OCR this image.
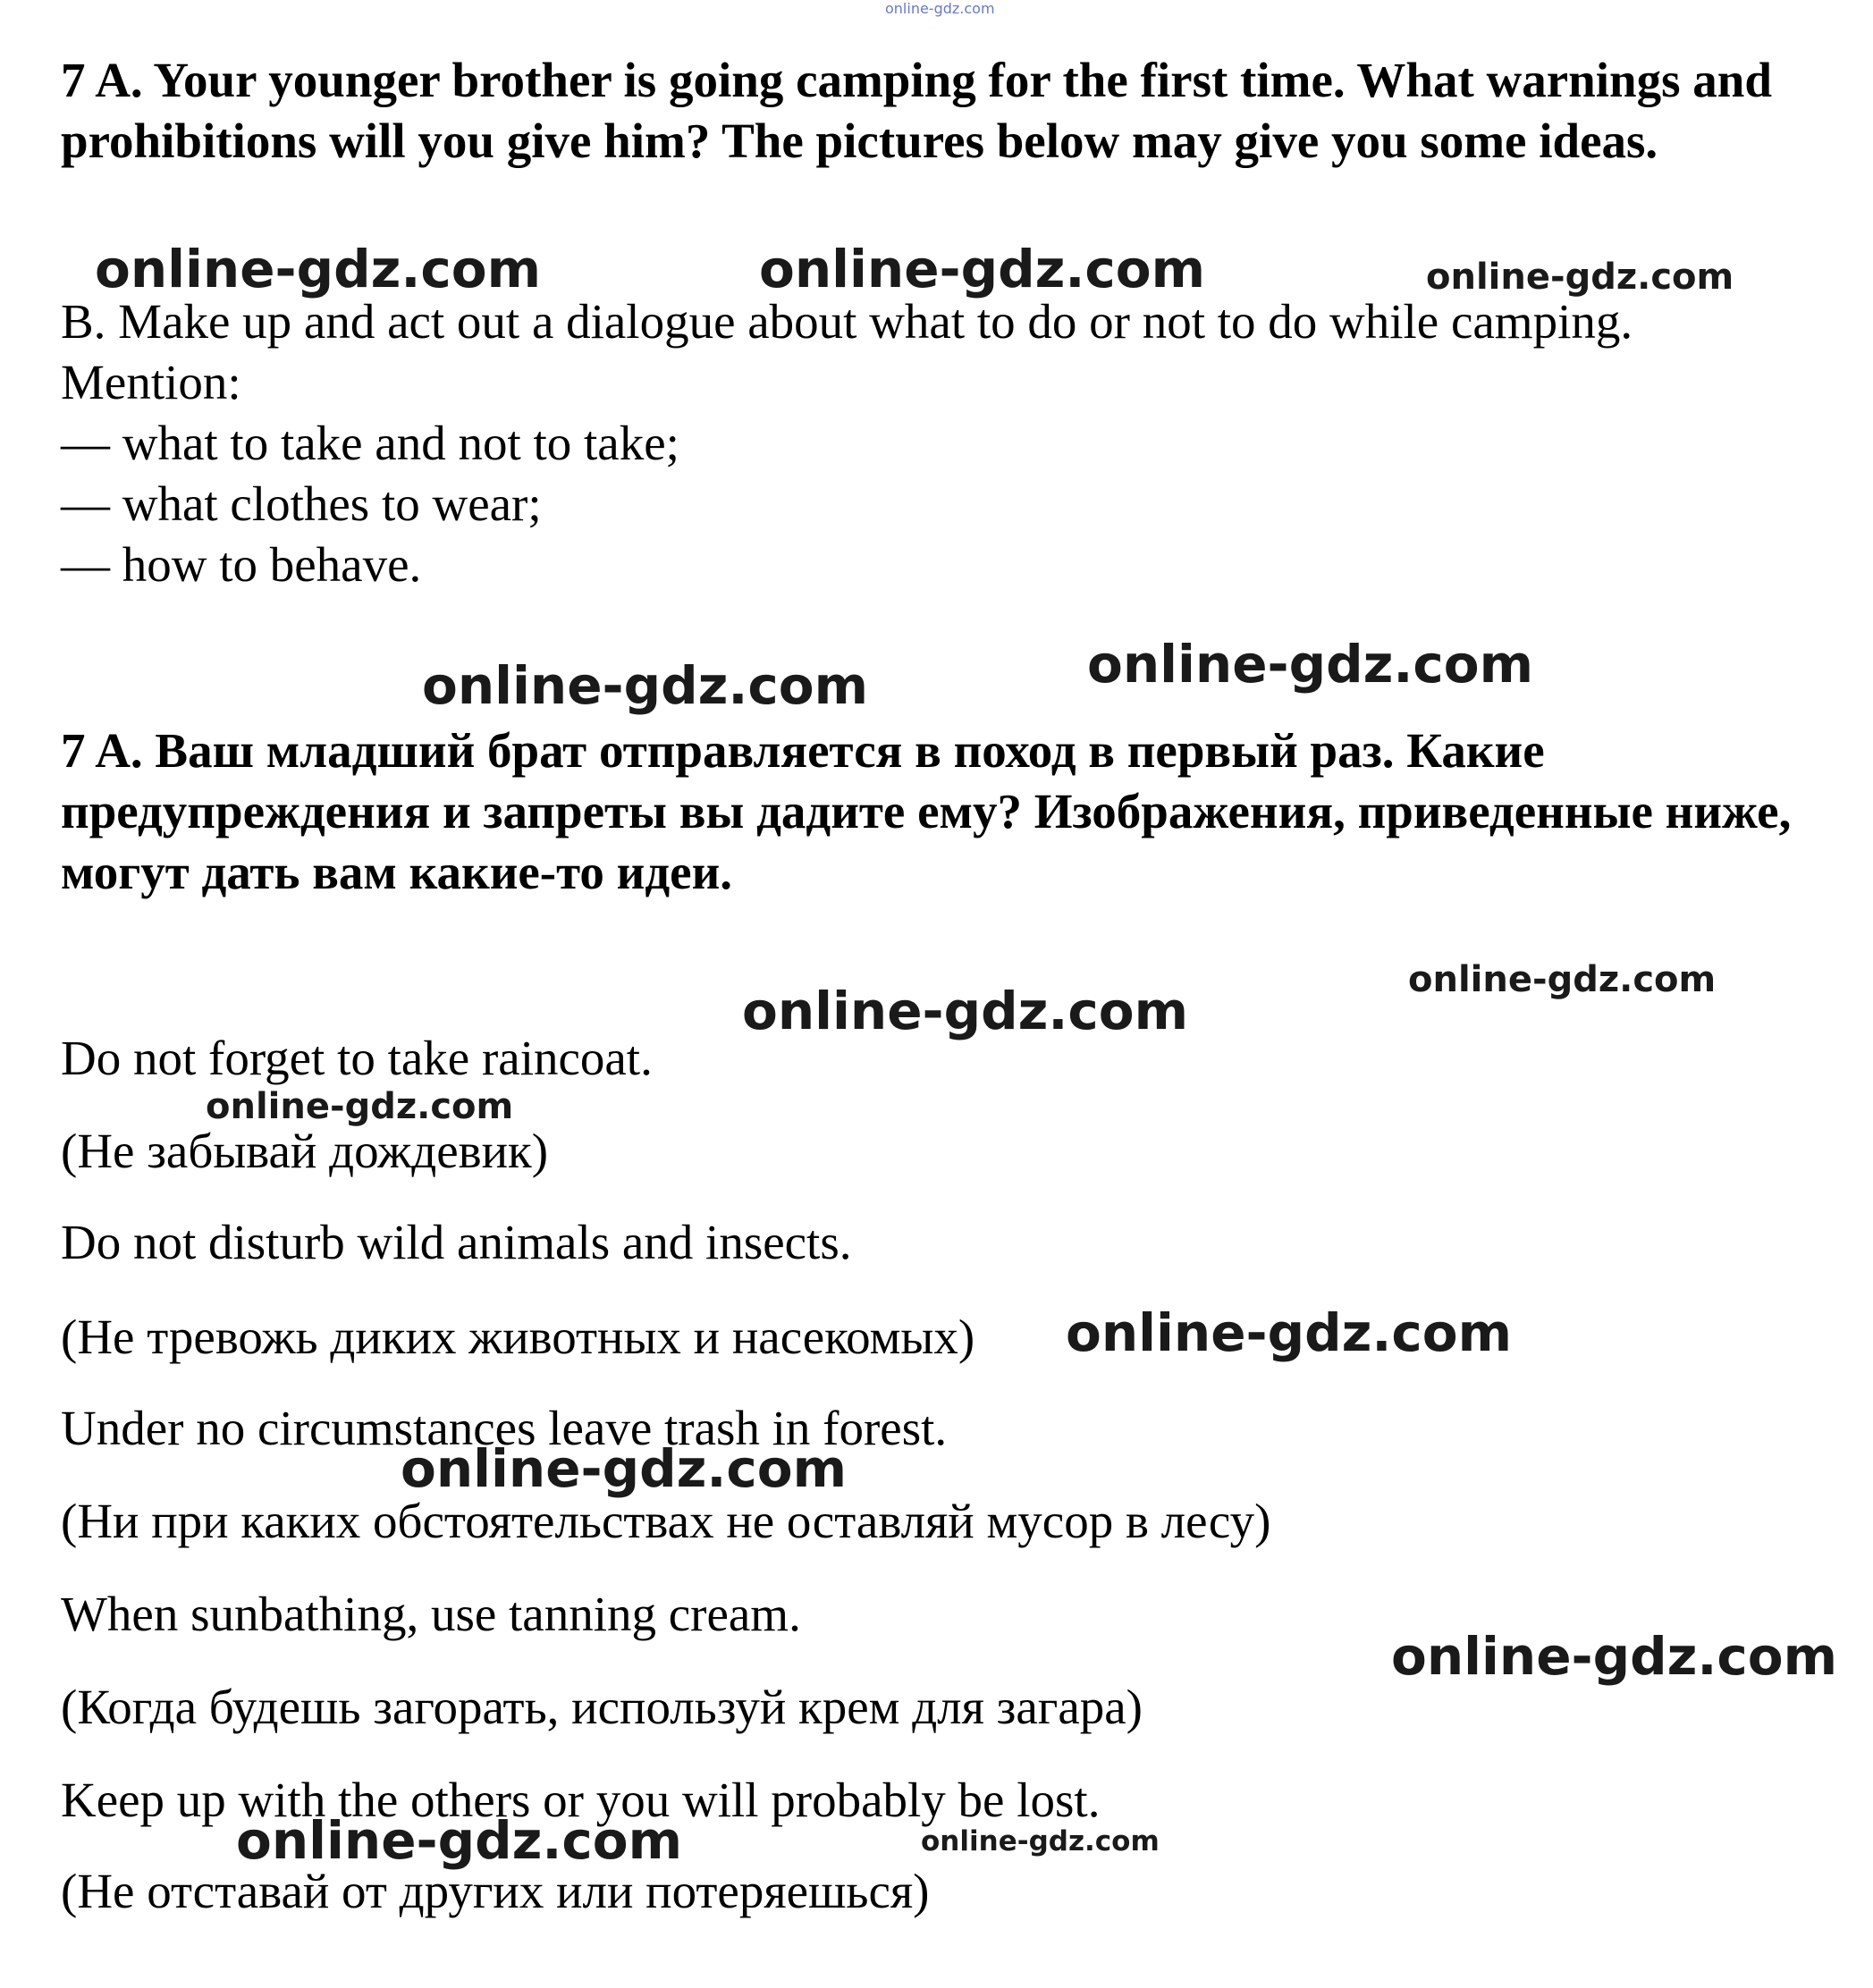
online-gdz.com

7 A. Your younger brother is going camping for the first time. What warnings and prohibitions will you give him? The pictures below may give you some ideas.

online-gdz.com	online-gdz.com	online-gdz.com
B. Make up and act out a dialogue about what to do or not to do while camping.
Mention:
— what to take and not to take;
— what clothes to wear;
— how to behave.
online-gdz.com	online-gdz.com

7 A. Ваш младший брат отправляется в поход в первый раз. Какие предупреждения и запреты вы дадите ему? Изображения, приведенные ниже, могут дать вам какие-то идеи.

online-gdz.com
online-gdz.com
Do not forget to take raincoat.
online-gdz.com
(Не забывай дождевик)
Do not disturb wild animals and insects.
(Не тревожь диких животных и насекомых) online-gdz.com
Under no circumstances leave trash in forest.
online-gdz.com
(Ни при каких обстоятельствах не оставляй мусор в лесу)
When sunbathing, use tanning cream.
online-gdz.com
(Когда будешь загорать, используй крем для загара)
Keep up with the others or you will probably be lost.
online-gdz.com	online-gdz.com
(Не отставай от других или потеряешься)
